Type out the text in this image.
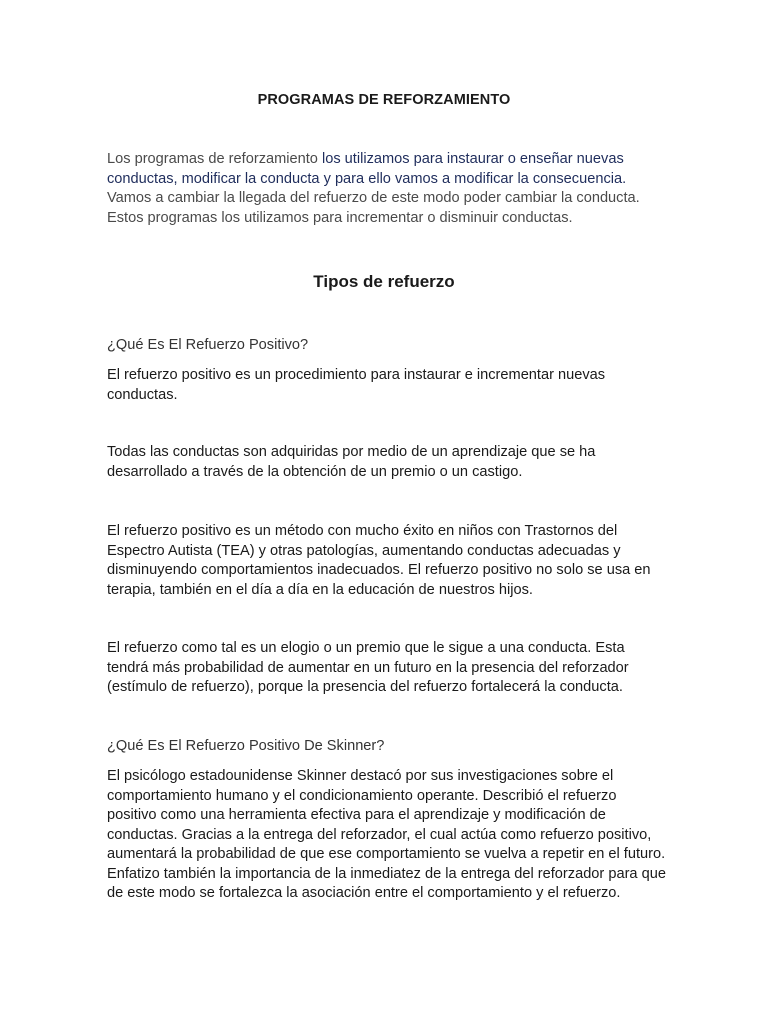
PROGRAMAS DE REFORZAMIENTO
Los programas de reforzamiento los utilizamos para instaurar o enseñar nuevas conductas, modificar la conducta y para ello vamos a modificar la consecuencia. Vamos a cambiar la llegada del refuerzo de este modo poder cambiar la conducta. Estos programas los utilizamos para incrementar o disminuir conductas.
Tipos de refuerzo
¿Qué Es El Refuerzo Positivo?
El refuerzo positivo es un procedimiento para instaurar e incrementar nuevas conductas.
Todas las conductas son adquiridas por medio de un aprendizaje que se ha desarrollado a través de la obtención de un premio o un castigo.
El refuerzo positivo es un método con mucho éxito en niños con Trastornos del Espectro Autista (TEA) y otras patologías, aumentando conductas adecuadas y disminuyendo comportamientos inadecuados. El refuerzo positivo no solo se usa en terapia, también en el día a día en la educación de nuestros hijos.
El refuerzo como tal es un elogio o un premio que le sigue a una conducta. Esta tendrá más probabilidad de aumentar en un futuro en la presencia del reforzador (estímulo de refuerzo), porque la presencia del refuerzo fortalecerá la conducta.
¿Qué Es El Refuerzo Positivo De Skinner?
El psicólogo estadounidense Skinner destacó por sus investigaciones sobre el comportamiento humano y el condicionamiento operante. Describió el refuerzo positivo como una herramienta efectiva para el aprendizaje y modificación de conductas. Gracias a la entrega del reforzador, el cual actúa como refuerzo positivo, aumentará la probabilidad de que ese comportamiento se vuelva a repetir en el futuro. Enfatizo también la importancia de la inmediatez de la entrega del reforzador para que de este modo se fortalezca la asociación entre el comportamiento y el refuerzo.
